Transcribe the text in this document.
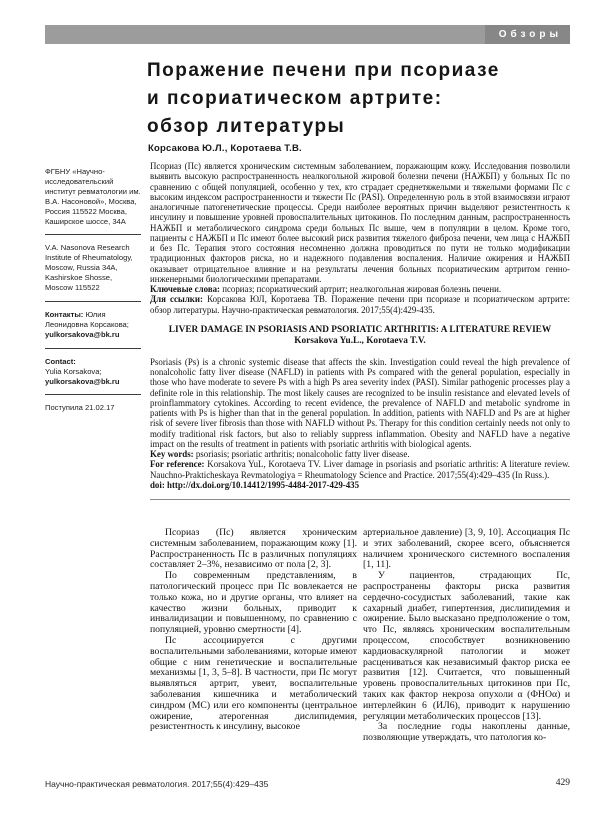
Обзоры
Поражение печени при псориазе
и псориатическом артрите:
обзор литературы
Корсакова Ю.Л., Коротаева Т.В.

ФГБНУ «Научно-исследовательский институт ревматологии им. В.А. Насоновой», Москва, Россия 115522 Москва, Каширское шоссе, 34А

V.A. Nasonova Research Institute of Rheumatology, Moscow, Russia 34A, Kashirskoe Shosse, Moscow 115522

Контакты: Юлия Леонидовна Корсакова;
yulkorsakova@bk.ru

Contact:
Yulia Korsakova;
yulkorsakova@bk.ru

Поступила 21.02.17

Псориаз (Пс) является хроническим системным заболеванием, поражающим кожу. Исследования позволили выявить высокую распространенность неалкогольной жировой болезни печени (НАЖБП) у больных Пс по сравнению с общей популяцией, особенно у тех, кто страдает среднетяжелыми и тяжелыми формами Пс с высоким индексом распространенности и тяжести Пс (PASI). Определенную роль в этой взаимосвязи играют аналогичные патогенетические процессы. Среди наиболее вероятных причин выделяют резистентность к инсулину и повышение уровней провоспалительных цитокинов. По последним данным, распространенность НАЖБП и метаболического синдрома среди больных Пс выше, чем в популяции в целом. Кроме того, пациенты с НАЖБП и Пс имеют более высокий риск развития тяжелого фиброза печени, чем лица с НАЖБП и без Пс. Терапия этого состояния несомненно должна проводиться по пути не только модификации традиционных факторов риска, но и надежного подавления воспаления. Наличие ожирения и НАЖБП оказывает отрицательное влияние и на результаты лечения больных псориатическим артритом генно-инженерными биологическими препаратами.

Ключевые слова: псориаз; псориатический артрит; неалкогольная жировая болезнь печени.

Для ссылки: Корсакова ЮЛ, Коротаева ТВ. Поражение печени при псориазе и псориатическом артрите: обзор литературы. Научно-практическая ревматология. 2017;55(4):429-435.

LIVER DAMAGE IN PSORIASIS AND PSORIATIC ARTHRITIS: A LITERATURE REVIEW
Korsakova Yu.L., Korotaeva T.V.

Psoriasis (Ps) is a chronic systemic disease that affects the skin. Investigation could reveal the high prevalence of nonalcoholic fatty liver disease (NAFLD) in patients with Ps compared with the general population, especially in those who have moderate to severe Ps with a high Ps area severity index (PASI). Similar pathogenic processes play a definite role in this relationship. The most likely causes are recognized to be insulin resistance and elevated levels of proinflammatory cytokines. According to recent evidence, the prevalence of NAFLD and metabolic syndrome in patients with Ps is higher than that in the general population. In addition, patients with NAFLD and Ps are at higher risk of severe liver fibrosis than those with NAFLD without Ps. Therapy for this condition certainly needs not only to modify traditional risk factors, but also to reliably suppress inflammation. Obesity and NAFLD have a negative impact on the results of treatment in patients with psoriatic arthritis with biological agents.

Key words: psoriasis; psoriatic arthritis; nonalcoholic fatty liver disease.

For reference: Korsakova YuL, Korotaeva TV. Liver damage in psoriasis and psoriatic arthritis: A literature review. Nauchno-Prakticheskaya Revmatologiya = Rheumatology Science and Practice. 2017;55(4):429–435 (In Russ.).

doi: http://dx.doi.org/10.14412/1995-4484-2017-429-435

Псориаз (Пс) является хроническим системным заболеванием, поражающим кожу [1]. Распространенность Пс в различных популяциях составляет 2–3%, независимо от пола [2, 3].

По современным представлениям, в патологический процесс при Пс вовлекается не только кожа, но и другие органы, что влияет на качество жизни больных, приводит к инвалидизации и повышенному, по сравнению с популяцией, уровню смертности [4].

Пс ассоциируется с другими воспалительными заболеваниями, которые имеют общие с ним генетические и воспалительные механизмы [1, 3, 5–8]. В частности, при Пс могут выявляться артрит, увеит, воспалительные заболевания кишечника и метаболический синдром (МС) или его компоненты (центральное ожирение, атерогенная дислипидемия, резистентность к инсулину, высокое

артериальное давление) [3, 9, 10]. Ассоциация Пс и этих заболеваний, скорее всего, объясняется наличием хронического системного воспаления [1, 11].

У пациентов, страдающих Пс, распространены факторы риска развития сердечно-сосудистых заболеваний, такие как сахарный диабет, гипертензия, дислипидемия и ожирение. Было высказано предположение о том, что Пс, являясь хроническим воспалительным процессом, способствует возникновению кардиоваскулярной патологии и может расцениваться как независимый фактор риска ее развития [12]. Считается, что повышенный уровень провоспалительных цитокинов при Пс, таких как фактор некроза опухоли α (ФНОα) и интерлейкин 6 (ИЛ6), приводит к нарушению регуляции метаболических процессов [13].

За последние годы накоплены данные, позволяющие утверждать, что патология ко-

Научно-практическая ревматология. 2017;55(4):429–435	429
